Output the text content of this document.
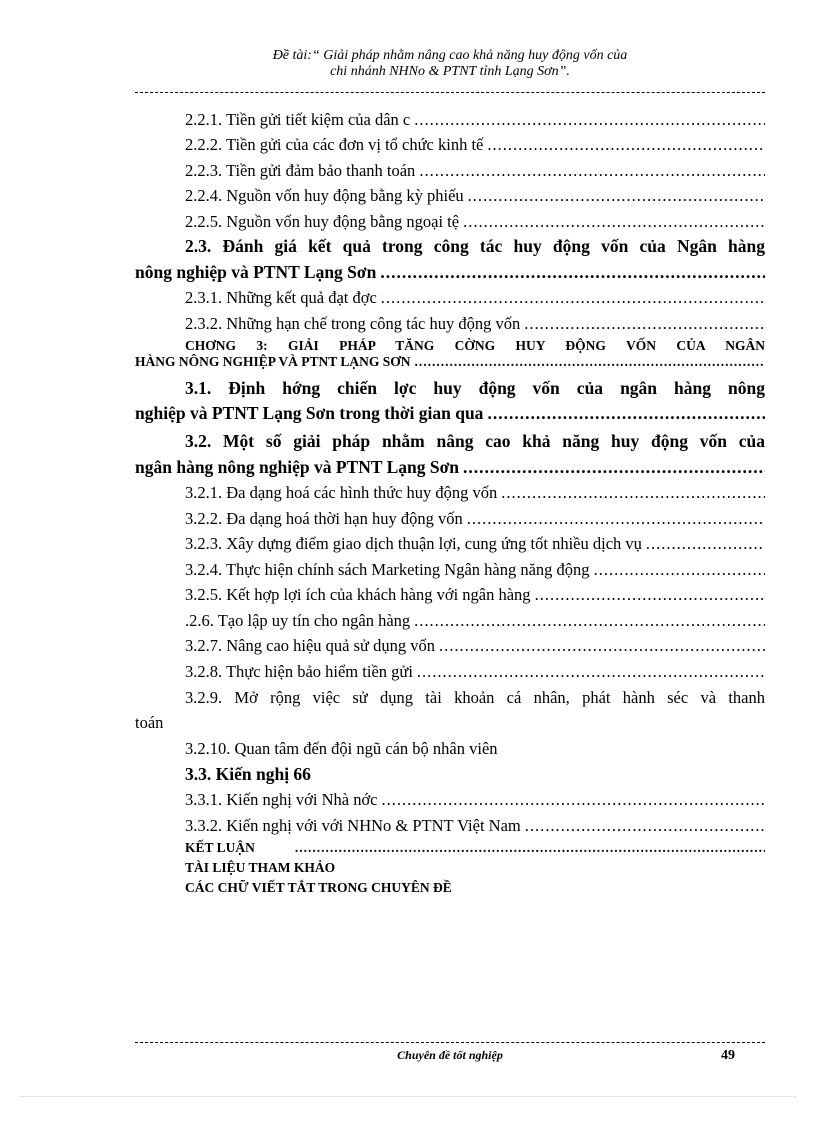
Đề tài:“ Giải pháp nhằm nâng cao khả năng huy động vốn của
chi nhánh NHNo & PTNT tỉnh Lạng Sơn”.
2.2.1. Tiền gửi tiết kiệm của dân c
.....
2.2.2. Tiền gửi của các đơn vị tổ chức kinh tế
.....
2.2.3. Tiền gửi đảm bảo thanh toán
.....
2.2.4. Nguồn vốn huy động bằng kỳ phiếu
.....
2.2.5. Nguồn vốn huy động bằng ngoại tệ
.....
2.3. Đánh giá kết quả trong công tác huy động vốn của Ngân hàng
nông nghiệp và PTNT Lạng Sơn
.....
2.3.1. Những kết quả đạt đợc
.....
2.3.2. Những hạn chế trong công tác huy động vốn
.....
CHƠNG 3: GIẢI PHÁP TĂNG CỜNG HUY ĐỘNG VỐN CỦA NGÂN
HÀNG NÔNG NGHIỆP VÀ PTNT LẠNG SƠN
.....
3.1. Định hớng chiến lợc huy động vốn của ngân hàng nông
nghiệp và PTNT Lạng Sơn trong thời gian qua
.....
3.2. Một số giải pháp nhằm nâng cao khả năng huy động vốn của
ngân hàng nông nghiệp và PTNT Lạng Sơn
.....
3.2.1. Đa dạng hoá các hình thức huy động vốn
.....
3.2.2. Đa dạng hoá thời hạn huy động vốn
.....
3.2.3. Xây dựng điểm giao dịch thuận lợi, cung ứng tốt nhiều dịch vụ
.....
3.2.4. Thực hiện chính sách Marketing Ngân hàng năng động
.....
3.2.5. Kết hợp lợi ích của khách hàng với ngân hàng
.....
.2.6. Tạo lập uy tín cho ngân hàng
.....
3.2.7. Nâng cao hiệu quả sử dụng vốn
.....
3.2.8. Thực hiện bảo hiểm tiền gửi
.....
3.2.9. Mở rộng việc sử dụng tài khoản cá nhân, phát hành séc và thanh
toán
3.2.10. Quan tâm đến đội ngũ cán bộ nhân viên
3.3. Kiến nghị 66
3.3.1. Kiến nghị với Nhà nớc
.....
3.3.2. Kiến nghị với với NHNo & PTNT Việt Nam
.....
KẾT LUẬN
.....
TÀI LIỆU THAM KHẢO
CÁC CHỮ VIẾT TẮT TRONG CHUYÊN ĐỀ
Chuyên đề tốt nghiệp	49
